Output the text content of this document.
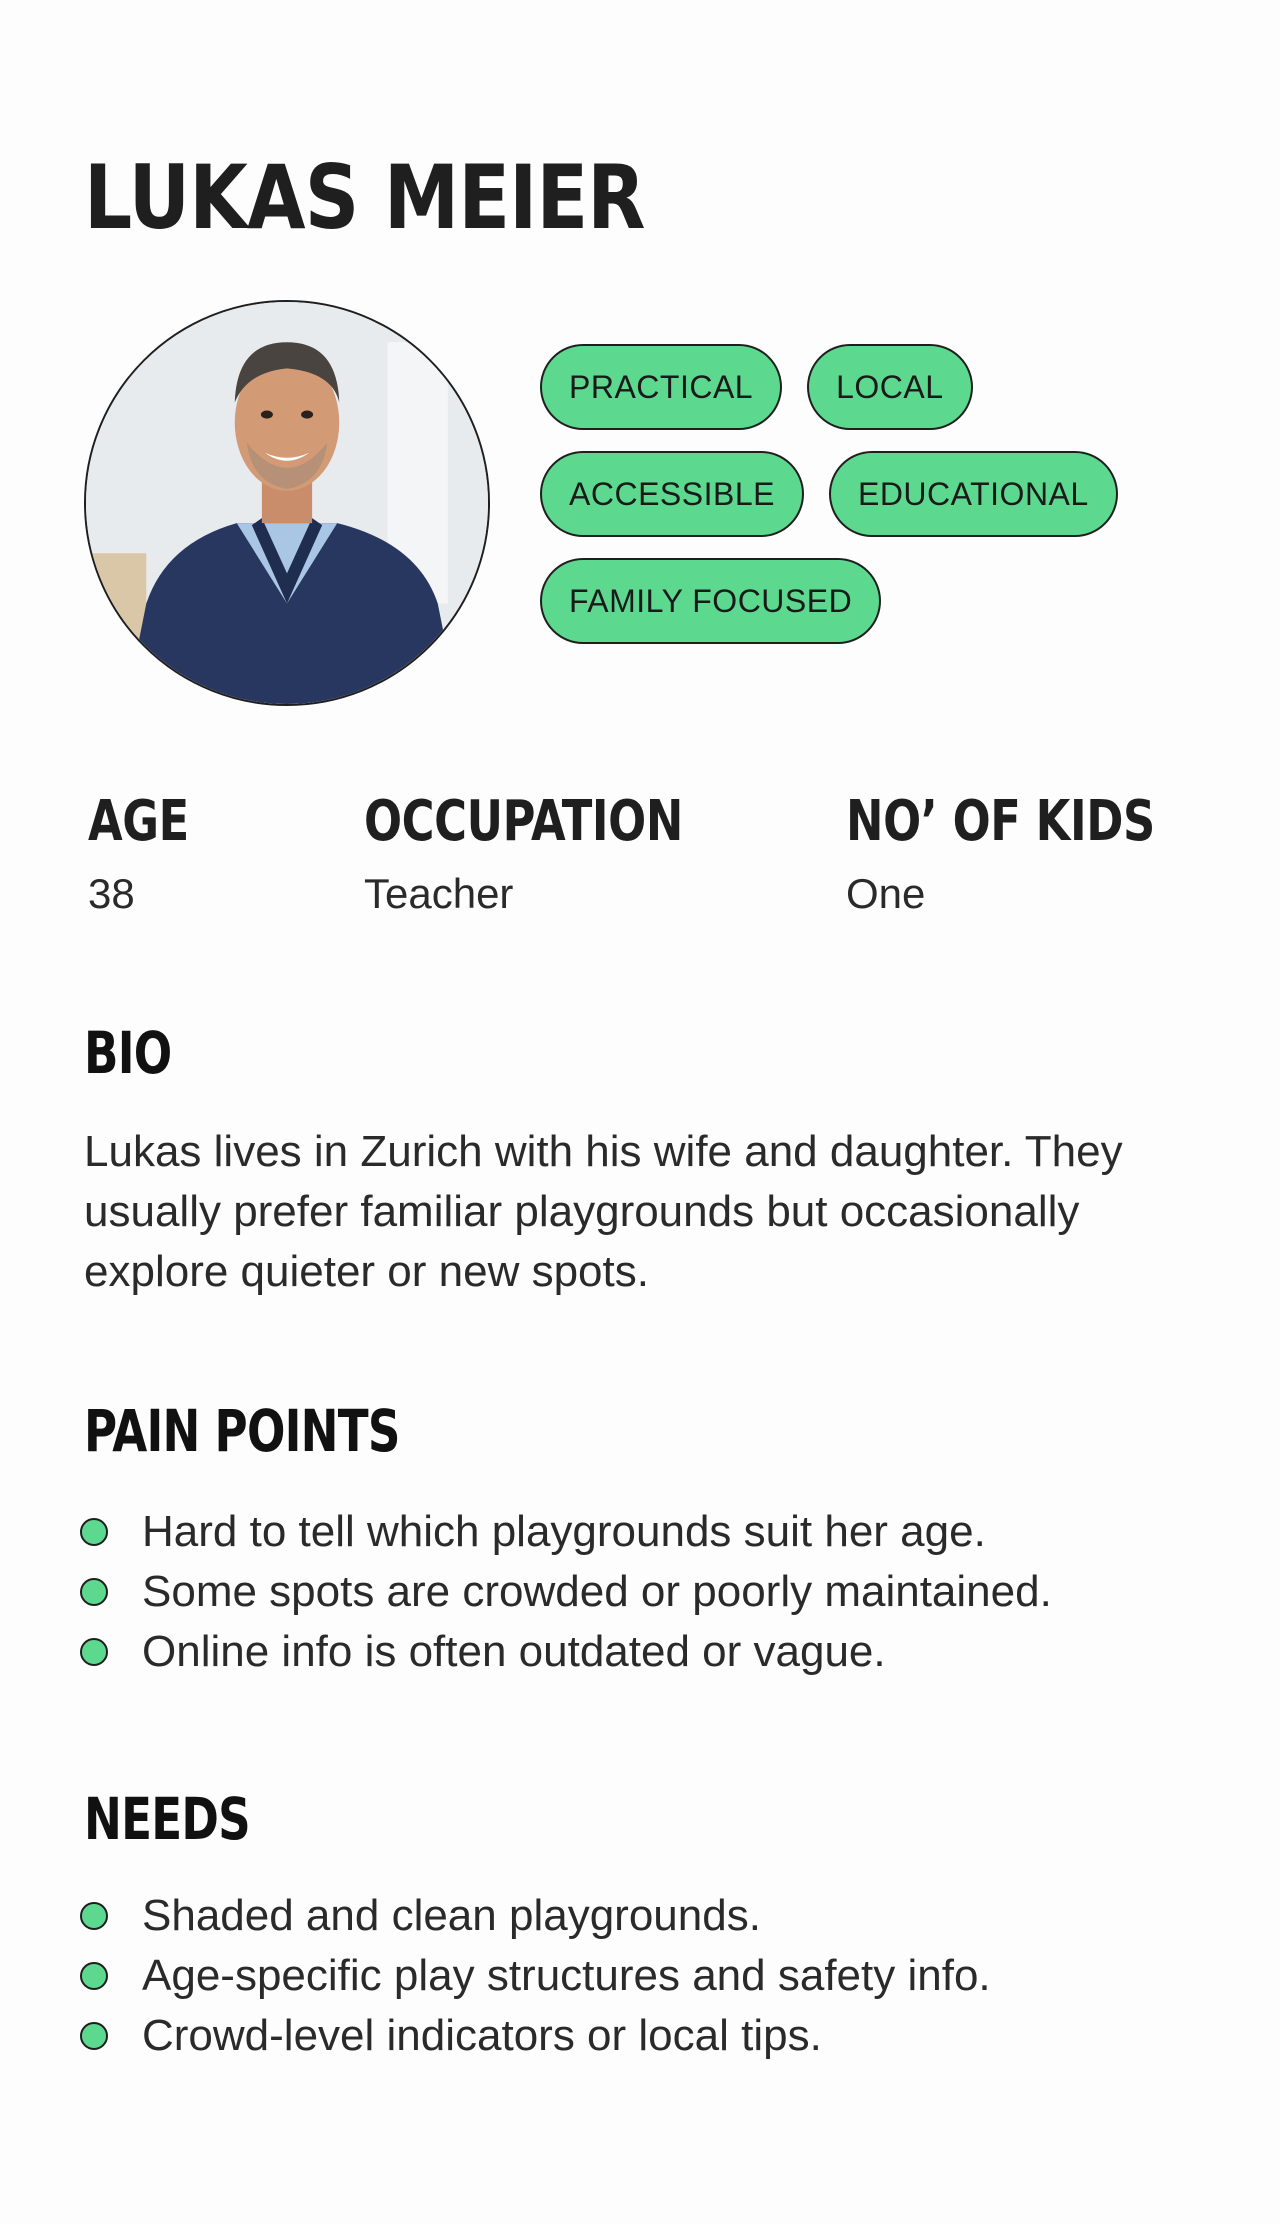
LUKAS MEIER
PRACTICAL	LOCAL
ACCESSIBLE	EDUCATIONAL
FAMILY FOCUSED
AGE
38
OCCUPATION
Teacher
NO’ OF KIDS
One
BIO

Lukas lives in Zurich with his wife and daughter. They usually prefer familiar playgrounds but occasionally explore quieter or new spots.

PAIN POINTS
Hard to tell which playgrounds suit her age.
Some spots are crowded or poorly maintained.
Online info is often outdated or vague.
NEEDS
Shaded and clean playgrounds.
Age-specific play structures and safety info.
Crowd-level indicators or local tips.
